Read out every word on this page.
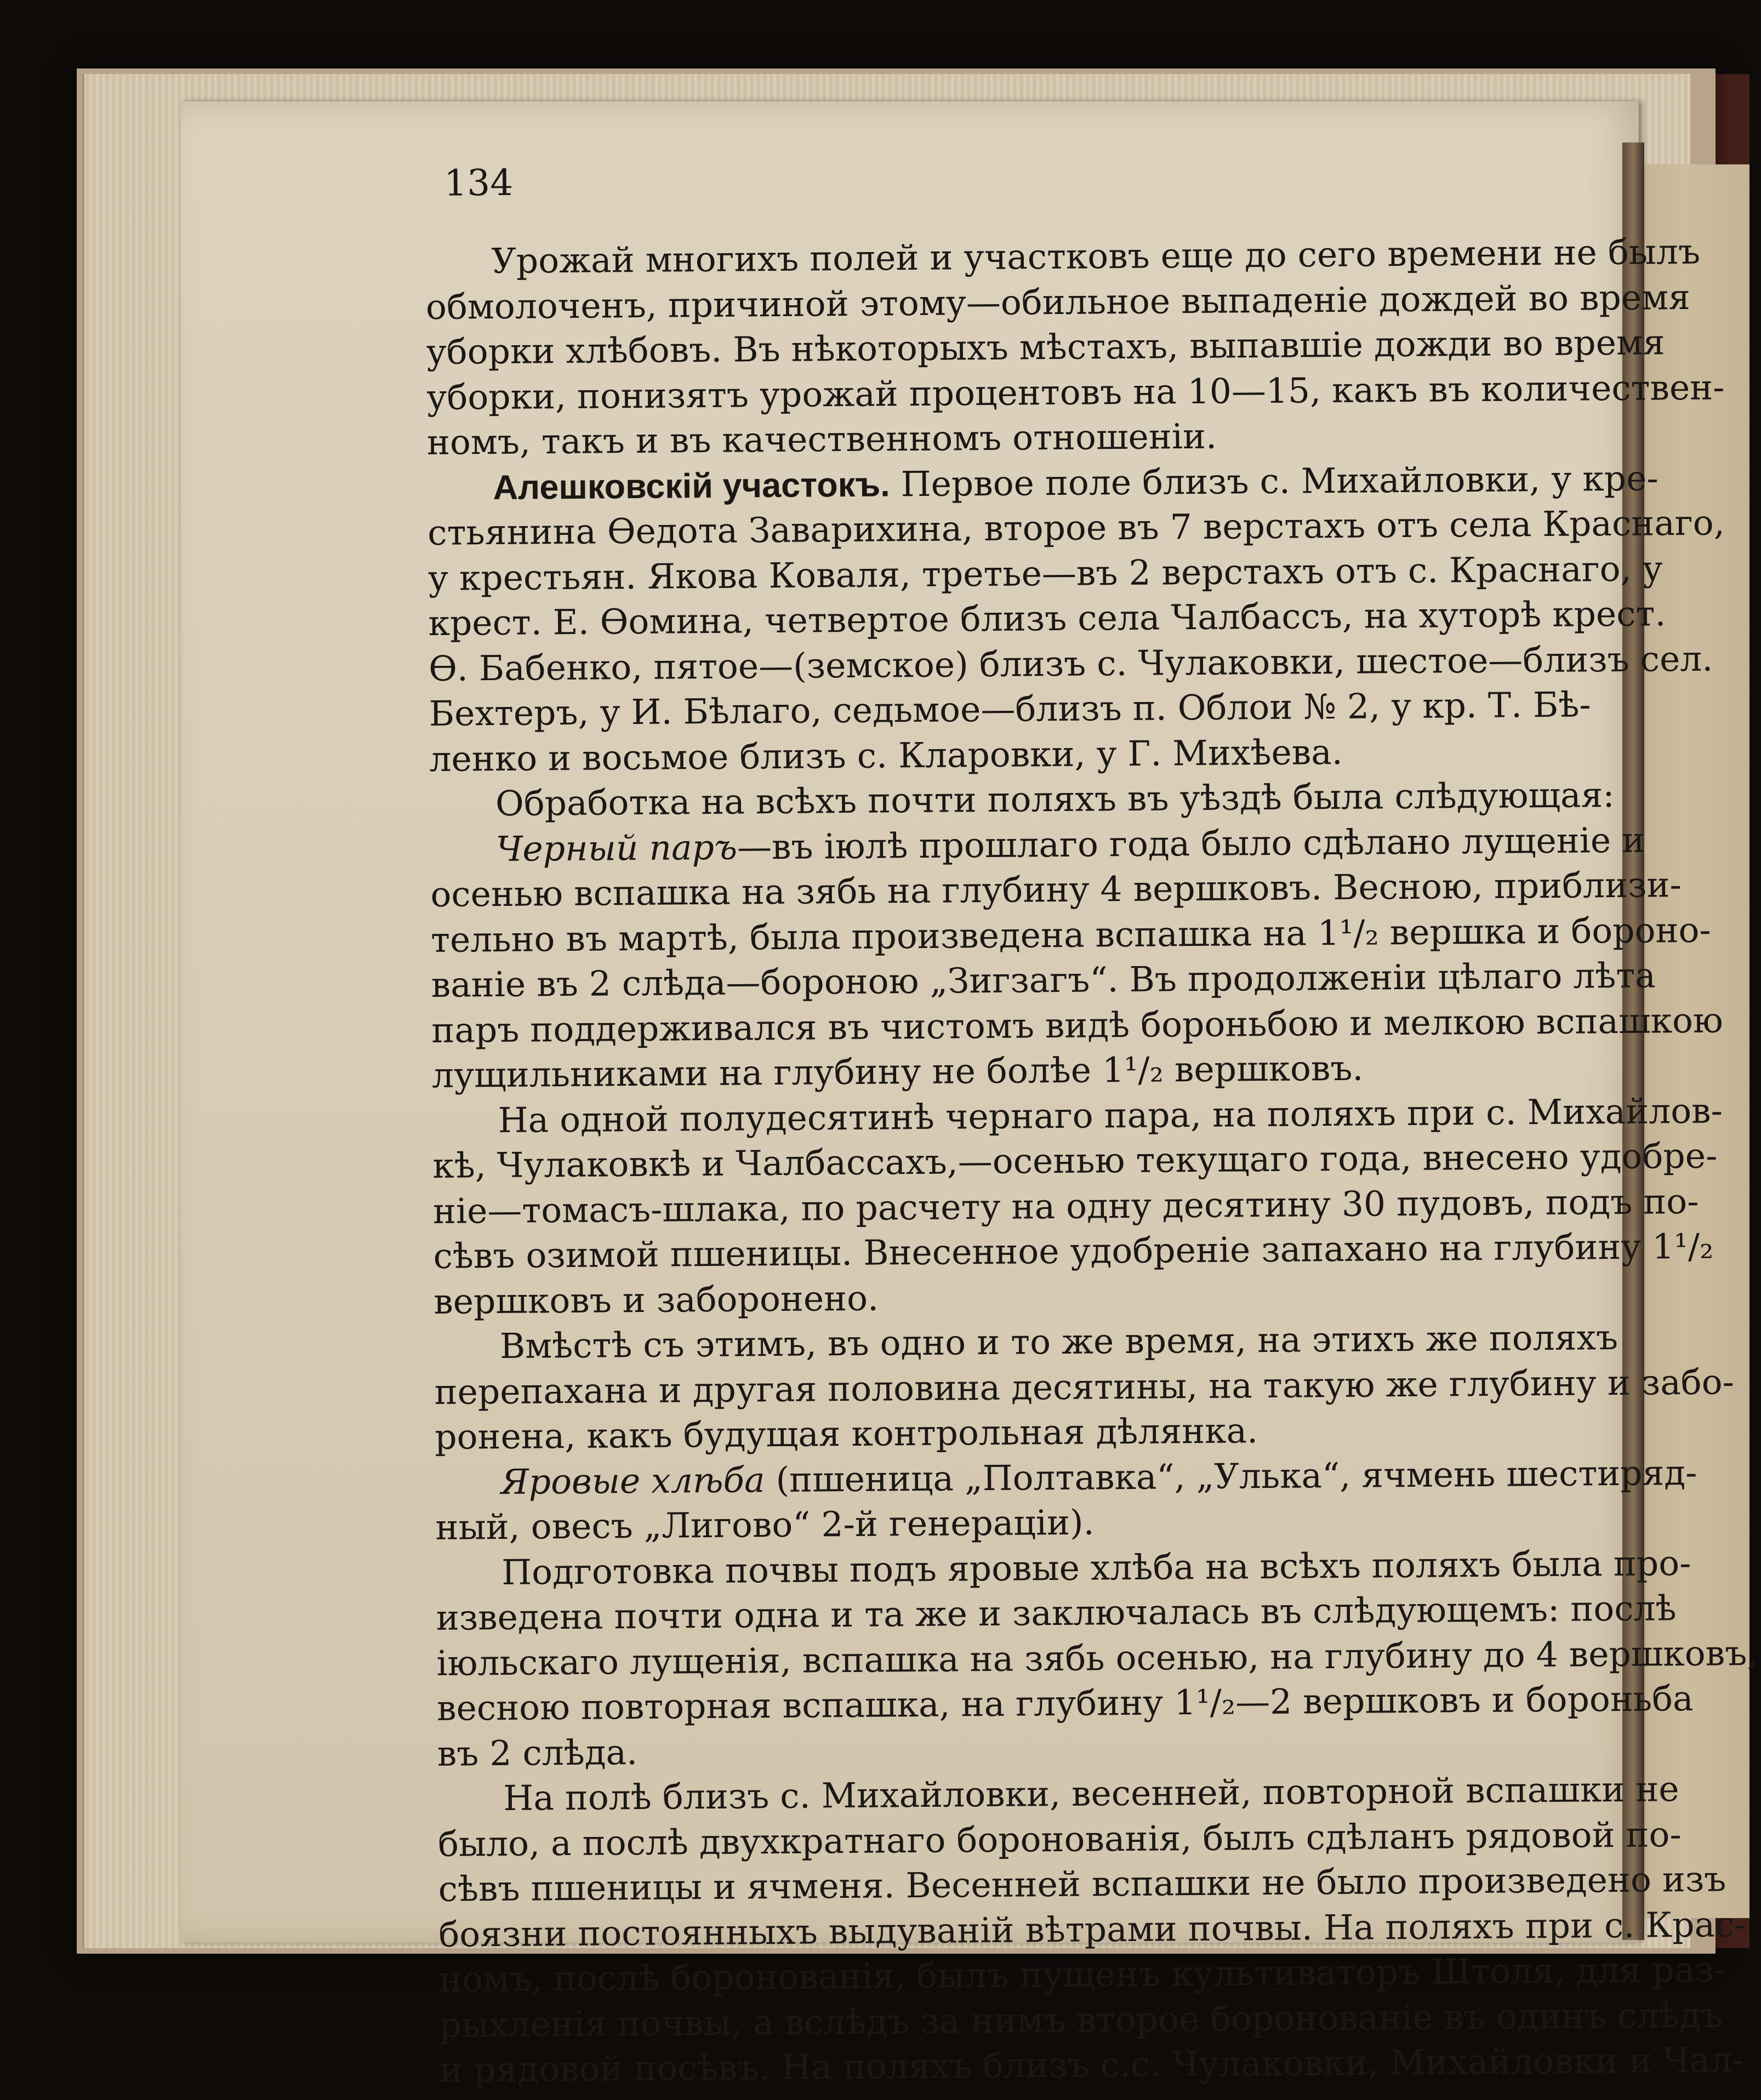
134
Урожай многихъ полей и участковъ еще до сего времени не былъ
обмолоченъ, причиной этому—обильное выпаденіе дождей во время
уборки хлѣбовъ. Въ нѣкоторыхъ мѣстахъ, выпавшіе дожди во время
уборки, понизятъ урожай процентовъ на 10—15, какъ въ количествен-
номъ, такъ и въ качественномъ отношеніи.
Алешковскій участокъ. Первое поле близъ с. Михайловки, у кре-
стьянина Ѳедота Заварихина, второе въ 7 верстахъ отъ села Краснаго,
у крестьян. Якова Коваля, третье—въ 2 верстахъ отъ с. Краснаго, у
крест. Е. Ѳомина, четвертое близъ села Чалбассъ, на хуторѣ крест.
Ѳ. Бабенко, пятое—(земское) близъ с. Чулаковки, шестое—близъ сел.
Бехтеръ, у И. Бѣлаго, седьмое—близъ п. Облои № 2, у кр. Т. Бѣ-
ленко и восьмое близъ с. Кларовки, у Г. Михѣева.
Обработка на всѣхъ почти поляхъ въ уѣздѣ была слѣдующая:
Черный паръ—въ іюлѣ прошлаго года было сдѣлано лущеніе и
осенью вспашка на зябь на глубину 4 вершковъ. Весною, приблизи-
тельно въ мартѣ, была произведена вспашка на 1¹/₂ вершка и бороно-
ваніе въ 2 слѣда—бороною „Зигзагъ“. Въ продолженіи цѣлаго лѣта
паръ поддерживался въ чистомъ видѣ бороньбою и мелкою вспашкою
лущильниками на глубину не болѣе 1¹/₂ вершковъ.
На одной полудесятинѣ чернаго пара, на поляхъ при с. Михайлов-
кѣ, Чулаковкѣ и Чалбассахъ,—осенью текущаго года, внесено удобре-
ніе—томасъ-шлака, по расчету на одну десятину 30 пудовъ, подъ по-
сѣвъ озимой пшеницы. Внесенное удобреніе запахано на глубину 1¹/₂
вершковъ и заборонено.
Вмѣстѣ съ этимъ, въ одно и то же время, на этихъ же поляхъ
перепахана и другая половина десятины, на такую же глубину и забо-
ронена, какъ будущая контрольная дѣлянка.
Яровые хлѣба (пшеница „Полтавка“, „Улька“, ячмень шестиряд-
ный, овесъ „Лигово“ 2-й генераціи).
Подготовка почвы подъ яровые хлѣба на всѣхъ поляхъ была про-
изведена почти одна и та же и заключалась въ слѣдующемъ: послѣ
іюльскаго лущенія, вспашка на зябь осенью, на глубину до 4 вершковъ,
весною повторная вспашка, на глубину 1¹/₂—2 вершковъ и бороньба
въ 2 слѣда.
На полѣ близъ с. Михайловки, весенней, повторной вспашки не
было, а послѣ двухкратнаго боронованія, былъ сдѣланъ рядовой по-
сѣвъ пшеницы и ячменя. Весенней вспашки не было произведено изъ
боязни постоянныхъ выдуваній вѣтрами почвы. На поляхъ при с. Крас-
номъ, послѣ боронованія, былъ пущенъ культиваторъ Штоля, для раз-
рыхленія почвы, а вслѣдъ за нимъ второе боронованіе въ одинъ слѣдъ
и рядовой посѣвъ. На поляхъ близъ с.с. Чулаковки, Михайловки и Чал-
